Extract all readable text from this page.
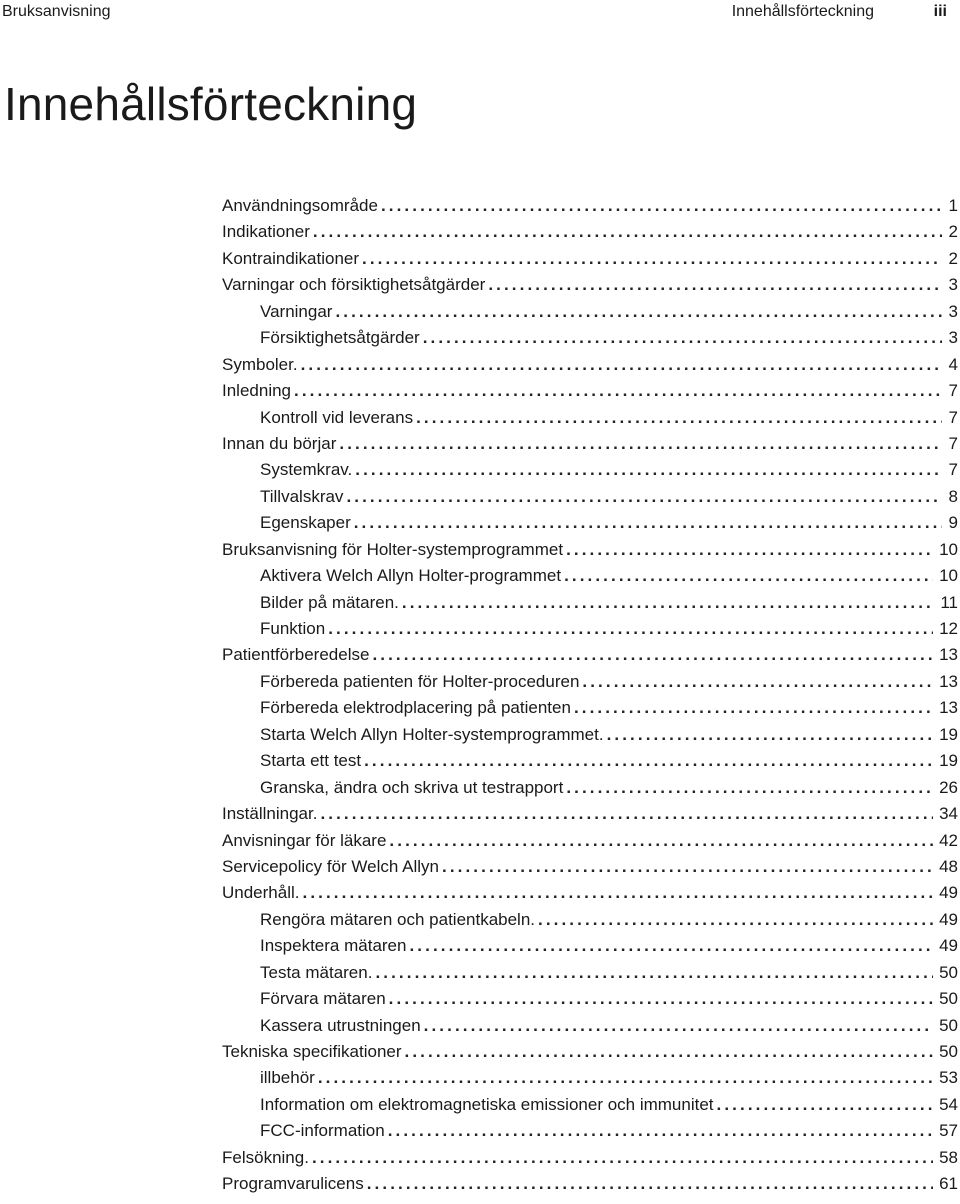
Bruksanvisning	Innehållsförteckning	iii
Innehållsförteckning
Användningsområde .....	1
Indikationer .....	2
Kontraindikationer .....	2
Varningar och försiktighetsåtgärder .....	3
Varningar .....	3
Försiktighetsåtgärder .....	3
Symboler. .....	4
Inledning .....	7
Kontroll vid leverans .....	7
Innan du börjar .....	7
Systemkrav. .....	7
Tillvalskrav .....	8
Egenskaper .....	9
Bruksanvisning för Holter-systemprogrammet .....	10
Aktivera Welch Allyn Holter-programmet .....	10
Bilder på mätaren. .....	11
Funktion .....	12
Patientförberedelse .....	13
Förbereda patienten för Holter-proceduren .....	13
Förbereda elektrodplacering på patienten .....	13
Starta Welch Allyn Holter-systemprogrammet. .....	19
Starta ett test .....	19
Granska, ändra och skriva ut testrapport .....	26
Inställningar. .....	34
Anvisningar för läkare .....	42
Servicepolicy för Welch Allyn .....	48
Underhåll. .....	49
Rengöra mätaren och patientkabeln. .....	49
Inspektera mätaren .....	49
Testa mätaren. .....	50
Förvara mätaren .....	50
Kassera utrustningen .....	50
Tekniska specifikationer .....	50
illbehör .....	53
Information om elektromagnetiska emissioner och immunitet .....	54
FCC-information .....	57
Felsökning. .....	58
Programvarulicens .....	61
